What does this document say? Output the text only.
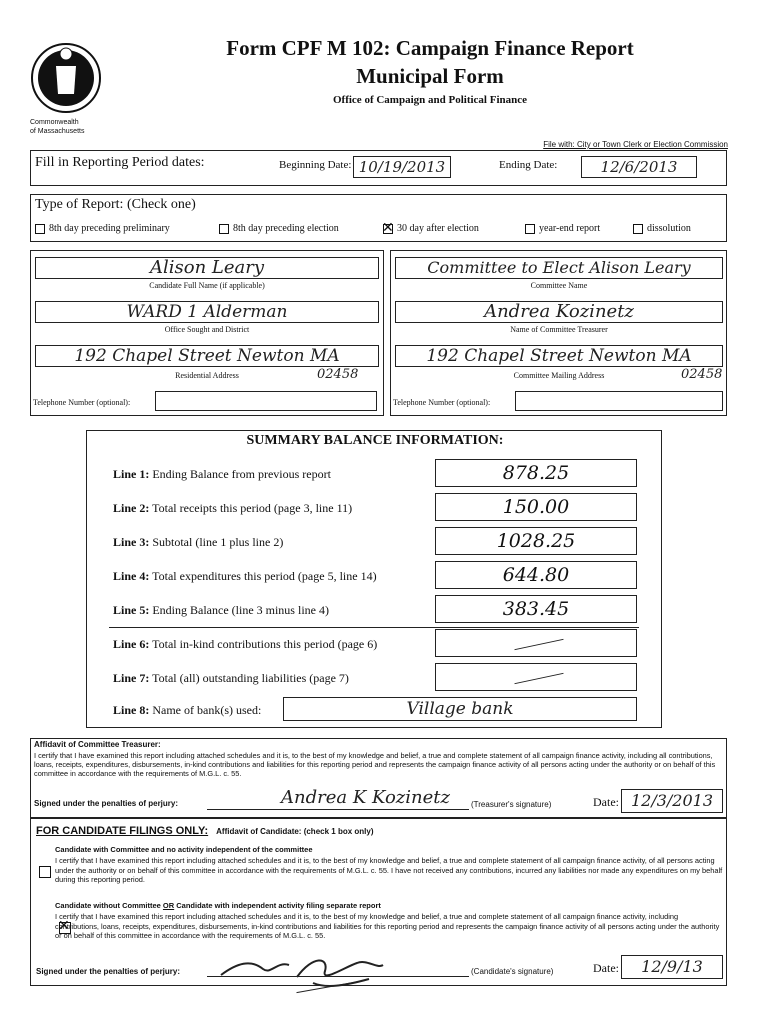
Commonwealth
of Massachusetts
Form CPF M 102: Campaign Finance Report
Municipal Form
Office of Campaign and Political Finance
File with: City or Town Clerk or Election Commission
Fill in Reporting Period dates:	Beginning Date: 10/19/2013	Ending Date:	12/6/2013
Type of Report: (Check one)
8th day preceding preliminary	8th day preceding election
✕	30 day after election	year-end report	dissolution
Alison Leary
Candidate Full Name (if applicable)
WARD 1 Alderman
Office Sought and District
192 Chapel Street Newton MA
02458
Residential Address
Telephone Number (optional):
Committee to Elect Alison Leary
Committee Name
Andrea Kozinetz
Name of Committee Treasurer
192 Chapel Street Newton MA
02458
Committee Mailing Address
Telephone Number (optional):
SUMMARY BALANCE INFORMATION:
Line 1: Ending Balance from previous report	878.25
Line 2: Total receipts this period (page 3, line 11)	150.00
Line 3: Subtotal (line 1 plus line 2)	1028.25
Line 4: Total expenditures this period (page 5, line 14)	644.80
Line 5: Ending Balance (line 3 minus line 4)	383.45
Line 6: Total in-kind contributions this period (page 6)
Line 7: Total (all) outstanding liabilities (page 7)
Line 8: Name of bank(s) used:	Village bank
Affidavit of Committee Treasurer:
I certify that I have examined this report including attached schedules and it is, to the best of my knowledge and belief, a true and complete statement of all campaign finance activity, including all contributions, loans, receipts, expenditures, disbursements, in-kind contributions and liabilities for this reporting period and represents the campaign finance activity of all persons acting under the authority or on behalf of this committee in accordance with the requirements of M.G.L. c. 55.
Signed under the penalties of perjury:	Andrea K Kozinetz	(Treasurer's signature)	Date: 12/3/2013
FOR CANDIDATE FILINGS ONLY: Affidavit of Candidate: (check 1 box only)
Candidate with Committee and no activity independent of the committee

I certify that I have examined this report including attached schedules and it is, to the best of my knowledge and belief, a true and complete statement of all campaign finance activity, of all persons acting under the authority or on behalf of this committee in accordance with the requirements of M.G.L. c. 55. I have not received any contributions, incurred any liabilities nor made any expenditures on my behalf during this reporting period.
Candidate without Committee OR Candidate with independent activity filing separate report
✕
I certify that I have examined this report including attached schedules and it is, to the best of my knowledge and belief, a true and complete statement of all campaign finance activity, including contributions, loans, receipts, expenditures, disbursements, in-kind contributions and liabilities for this reporting period and represents the campaign finance activity of all persons acting under the authority or on behalf of this committee in accordance with the requirements of M.G.L. c. 55.
Signed under the penalties of perjury:	(Candidate's signature)	Date:	12/9/13
